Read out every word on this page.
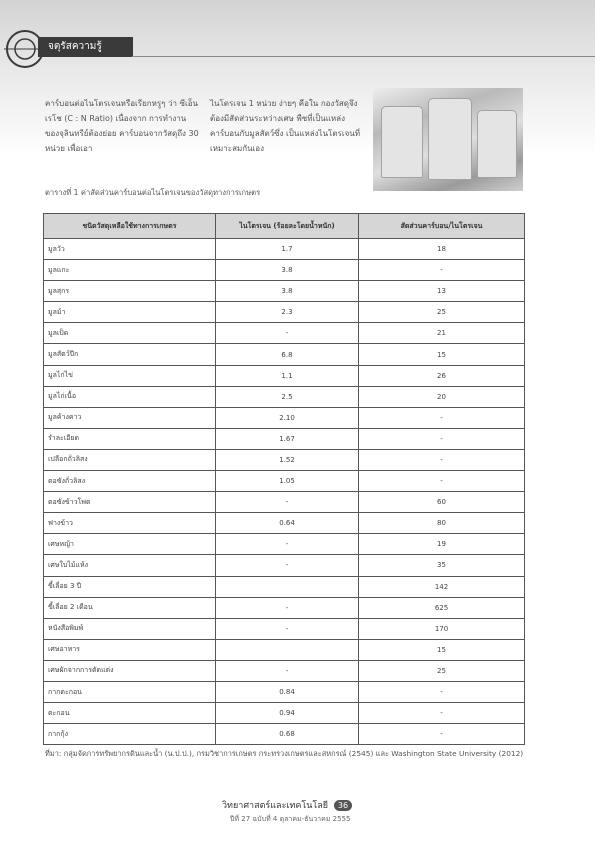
จตุรัสความรู้
คาร์บอนต่อไนโตรเจนหรือเรียกหรูๆ ว่า ซีเอ็นเรโช (C : N Ratio) เนื่องจาก การทำงานของจุลินทรีย์ต้องย่อย คาร์บอนจากวัสดุถึง 30 หน่วย เพื่อเอา
ไนโตรเจน 1 หน่วย ง่ายๆ คือใน กองวัสดุจึงต้องมีสัดส่วนระหว่างเศษ พืชที่เป็นแหล่งคาร์บอนกับมูลสัตว์ซึ่ง เป็นแหล่งไนโตรเจนที่เหมาะสมกันเอง
ตารางที่ 1 ค่าสัดส่วนคาร์บอนต่อไนโตรเจนของวัสดุทางการเกษตร
ชนิดวัสดุเหลือใช้ทางการเกษตร	ไนโตรเจน (ร้อยละโดยน้ำหนัก)	สัดส่วนคาร์บอน/ไนโตรเจน
มูลวัว	1.7	18
มูลแกะ	3.8	-
มูลสุกร	3.8	13
มูลม้า	2.3	25
มูลเป็ด	-	21
มูลสัตว์ปีก	6.8	15
มูลไก่ไข่	1.1	26
มูลไก่เนื้อ	2.5	20
มูลค้างคาว	2.10	-
รำละเอียด	1.67	-
เปลือกถั่วลิสง	1.52	-
ตอซังถั่วลิสง	1.05	-
ตอซังข้าวโพด	-	60
ฟางข้าว	0.64	80
เศษหญ้า	-	19
เศษใบไม้แห้ง	-	35
ขี้เลื่อย 3 ปี		142
ขี้เลื่อย 2 เดือน	-	625
หนังสือพิมพ์	-	170
เศษอาหาร		15
เศษผักจากการตัดแต่ง	-	25
กากตะกอน	0.84	-
ตะกอน	0.94	-
กากกุ้ง	0.68	-
ที่มา: กลุ่มจัดการทรัพยากรดินและน้ำ (น.ป.ป.), กรมวิชาการเกษตร กระทรวงเกษตรและสหกรณ์ (2545) และ Washington State University (2012)
วิทยาศาสตร์และเทคโนโลยี 36
ปีที่ 27 ฉบับที่ 4 ตุลาคม-ธันวาคม 2555
